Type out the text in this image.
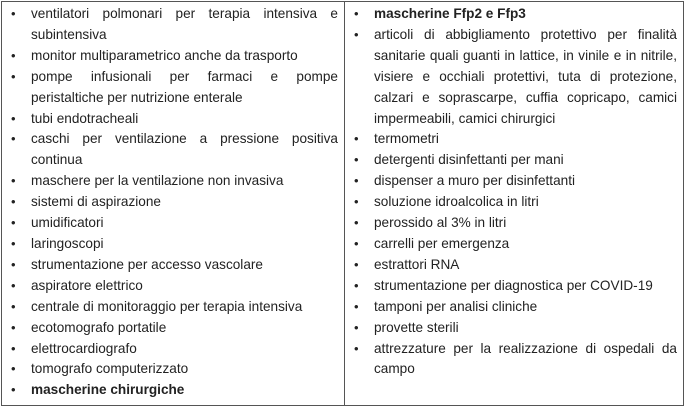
• ventilatori polmonari per terapia intensiva e subintensiva
• monitor multiparametrico anche da trasporto
• pompe infusionali per farmaci e pompe peristaltiche per nutrizione enterale
• tubi endotracheali
• caschi per ventilazione a pressione positiva continua
• maschere per la ventilazione non invasiva
• sistemi di aspirazione
• umidificatori
• laringoscopi
• strumentazione per accesso vascolare
• aspiratore elettrico
• centrale di monitoraggio per terapia intensiva
• ecotomografo portatile
• elettrocardiografo
• tomografo computerizzato
• mascherine chirurgiche
• mascherine Ffp2 e Ffp3
• articoli di abbigliamento protettivo per finalità sanitarie quali guanti in lattice, in vinile e in nitrile, visiere e occhiali protettivi, tuta di protezione, calzari e soprascarpe, cuffia copricapo, camici impermeabili, camici chirurgici
• termometri
• detergenti disinfettanti per mani
• dispenser a muro per disinfettanti
• soluzione idroalcolica in litri
• perossido al 3% in litri
• carrelli per emergenza
• estrattori RNA
• strumentazione per diagnostica per COVID-19
• tamponi per analisi cliniche
• provette sterili
• attrezzature per la realizzazione di ospedali da campo
